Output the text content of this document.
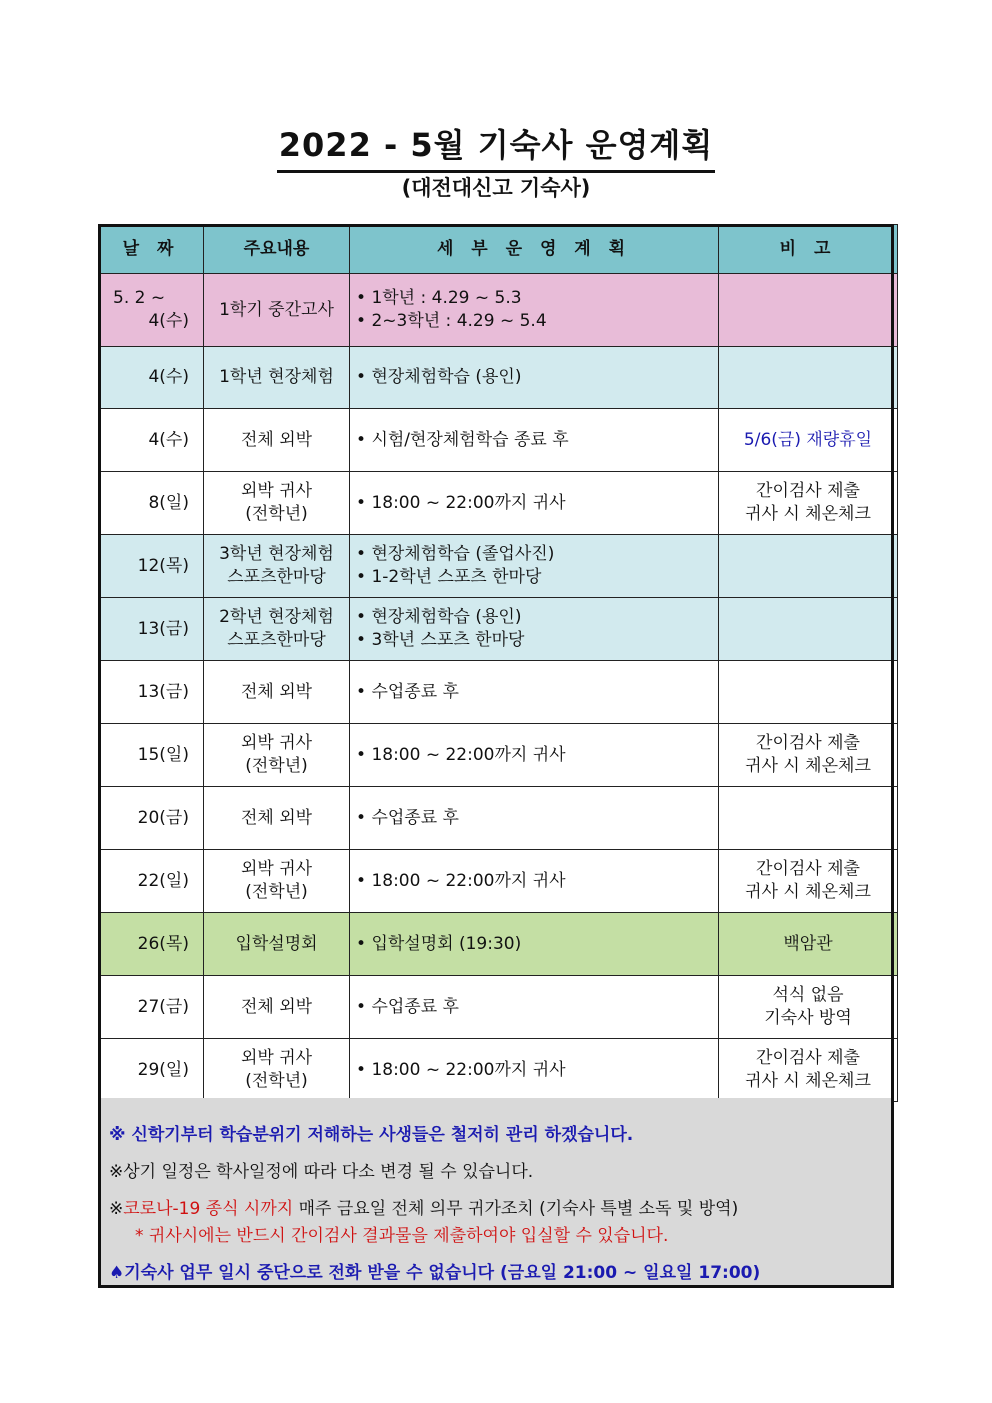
2022 - 5월 기숙사 운영계획
(대전대신고 기숙사)
날 짜	주요내용	세 부 운 영 계 획	비 고

5. 2 ~
4(수)	1학기 중간고사	• 1학년 : 4.29 ~ 5.3
• 2~3학년 : 4.29 ~ 5.4

4(수)	1학년 현장체험	• 현장체험학습 (용인)

4(수)	전체 외박	• 시험/현장체험학습 종료 후	5/6(금) 재량휴일
8(일)	외박 귀사
(전학년)	• 18:00 ~ 22:00까지 귀사	간이검사 제출
귀사 시 체온체크

12(목)	3학년 현장체험
스포츠한마당	• 현장체험학습 (졸업사진)
• 1-2학년 스포츠 한마당

13(금)	2학년 현장체험
스포츠한마당	• 현장체험학습 (용인)
• 3학년 스포츠 한마당

13(금)	전체 외박	• 수업종료 후

15(일)	외박 귀사
(전학년)	• 18:00 ~ 22:00까지 귀사	간이검사 제출
귀사 시 체온체크

20(금)	전체 외박	• 수업종료 후

22(일)	외박 귀사
(전학년)	• 18:00 ~ 22:00까지 귀사	간이검사 제출
귀사 시 체온체크

26(목)	입학설명회	• 입학설명회 (19:30)	백암관
27(금)	전체 외박	• 수업종료 후	석식 없음
기숙사 방역

29(일)	외박 귀사
(전학년)	• 18:00 ~ 22:00까지 귀사	간이검사 제출
귀사 시 체온체크
※ 신학기부터 학습분위기 저해하는 사생들은 철저히 관리 하겠습니다.
※상기 일정은 학사일정에 따라 다소 변경 될 수 있습니다.
※코로나-19 종식 시까지 매주 금요일 전체 의무 귀가조치 (기숙사 특별 소독 및 방역)
* 귀사시에는 반드시 간이검사 결과물을 제출하여야 입실할 수 있습니다.
♠기숙사 업무 일시 중단으로 전화 받을 수 없습니다 (금요일 21:00 ~ 일요일 17:00)
